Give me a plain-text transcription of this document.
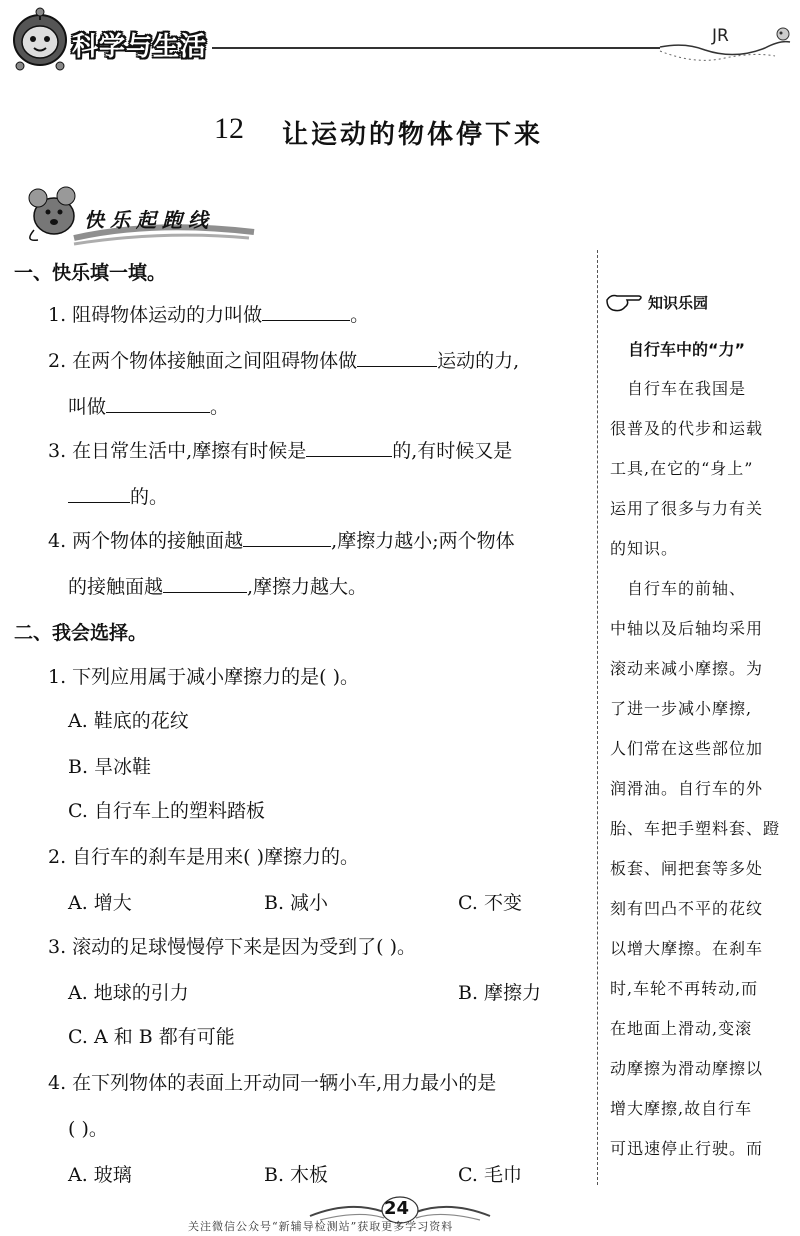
科学与生活	JR
12 让运动的物体停下来
快乐起跑线
一、快乐填一填。
1. 阻碍物体运动的力叫做	。
2. 在两个物体接触面之间阻碍物体做	运动的力,
叫做	。
3. 在日常生活中,摩擦有时候是	的,有时候又是
的。
4. 两个物体的接触面越	,摩擦力越小;两个物体
的接触面越	,摩擦力越大。
二、我会选择。
1. 下列应用属于减小摩擦力的是( )。
A. 鞋底的花纹
B. 旱冰鞋
C. 自行车上的塑料踏板
2. 自行车的刹车是用来( )摩擦力的。
A. 增大	B. 减小	C. 不变
3. 滚动的足球慢慢停下来是因为受到了( )。
A. 地球的引力	B. 摩擦力
C. A 和 B 都有可能
4. 在下列物体的表面上开动同一辆小车,用力最小的是
( )。
A. 玻璃	B. 木板	C. 毛巾
知识乐园
自行车中的“力”
　自行车在我国是
很普及的代步和运载
工具,在它的“身上”
运用了很多与力有关
的知识。
　自行车的前轴、
中轴以及后轴均采用
滚动来减小摩擦。为
了进一步减小摩擦,
人们常在这些部位加
润滑油。自行车的外
胎、车把手塑料套、蹬
板套、闸把套等多处
刻有凹凸不平的花纹
以增大摩擦。在刹车
时,车轮不再转动,而
在地面上滑动,变滚
动摩擦为滑动摩擦以
增大摩擦,故自行车
可迅速停止行驶。而
24
关注微信公众号“新辅导检测站”获取更多学习资料
